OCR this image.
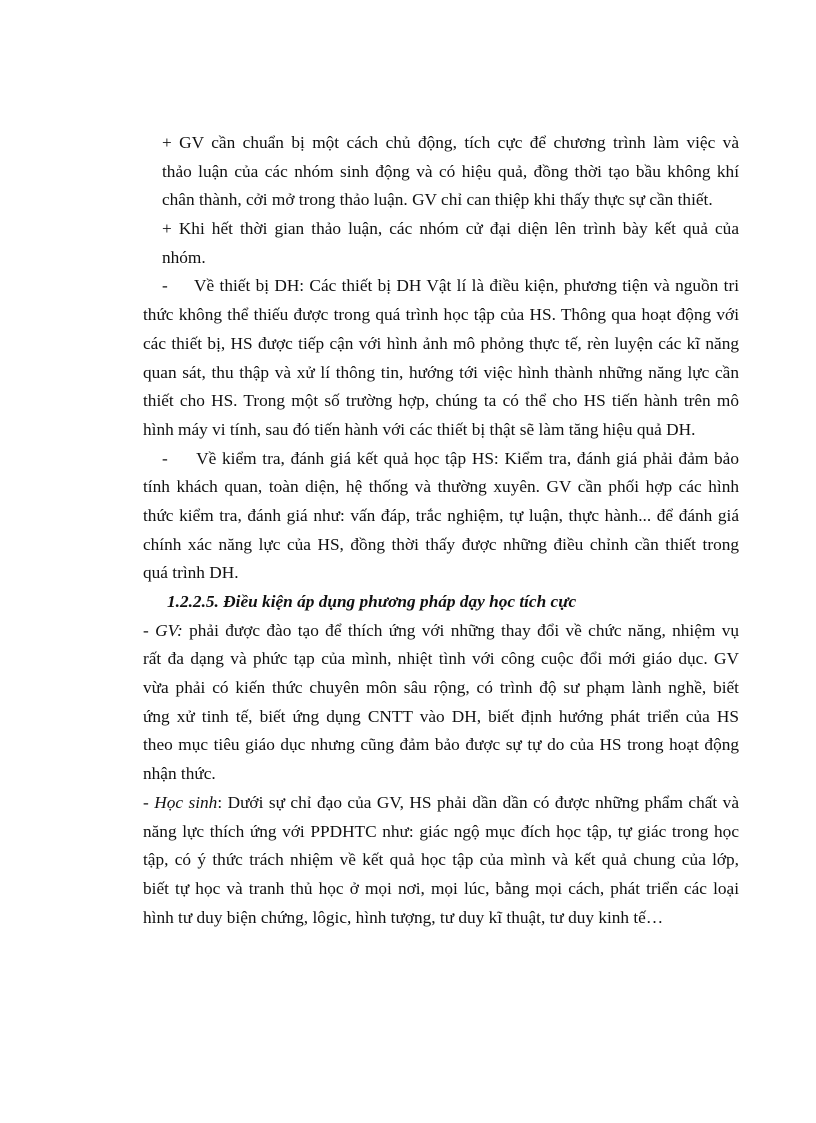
+ GV cần chuẩn bị một cách chủ động, tích cực để chương trình làm việc và
thảo luận của các nhóm sinh động và có hiệu quả, đồng thời tạo bầu không khí
chân thành, cởi mở trong thảo luận. GV chỉ can thiệp khi thấy thực sự cần thiết.
+ Khi hết thời gian thảo luận, các nhóm cử đại diện lên trình bày kết quả của
nhóm.
-     Về thiết bị DH: Các thiết bị DH Vật lí là điều kiện, phương tiện và nguồn tri
thức không thể thiếu được trong quá trình học tập của HS. Thông qua hoạt động với
các thiết bị, HS được tiếp cận với hình ảnh mô phỏng thực tế, rèn luyện các kĩ năng
quan sát, thu thập và xử lí thông tin, hướng tới việc hình thành những năng lực cần
thiết cho HS. Trong một số trường hợp, chúng ta có thể cho HS tiến hành trên mô
hình máy vi tính, sau đó tiến hành với các thiết bị thật sẽ làm tăng hiệu quả DH.
-     Về kiểm tra, đánh giá kết quả học tập HS: Kiểm tra, đánh giá phải đảm bảo
tính khách quan, toàn diện, hệ thống và thường xuyên. GV cần phối hợp các hình
thức kiểm tra, đánh giá như: vấn đáp, trắc nghiệm, tự luận, thực hành... để đánh giá
chính xác năng lực của HS, đồng thời thấy được những điều chỉnh cần thiết trong
quá trình DH.
1.2.2.5. Điều kiện áp dụng phương pháp dạy học tích cực
- GV: phải được đào tạo để thích ứng với những thay đổi về chức năng, nhiệm vụ
rất đa dạng và phức tạp của mình, nhiệt tình với công cuộc đổi mới giáo dục. GV
vừa phải có kiến thức chuyên môn sâu rộng, có trình độ sư phạm lành nghề, biết
ứng xử tinh tế, biết ứng dụng CNTT vào DH, biết định hướng phát triển của HS
theo mục tiêu giáo dục nhưng cũng đảm bảo được sự tự do của HS trong hoạt động
nhận thức.
- Học sinh: Dưới sự chỉ đạo của GV, HS phải dần dần có được những phẩm chất và
năng lực thích ứng với PPDHTC như: giác ngộ mục đích học tập, tự giác trong học
tập, có ý thức trách nhiệm về kết quả học tập của mình và kết quả chung của lớp,
biết tự học và tranh thủ học ở mọi nơi, mọi lúc, bằng mọi cách, phát triển các loại
hình tư duy biện chứng, lôgic, hình tượng, tư duy kĩ thuật, tư duy kinh tế…
